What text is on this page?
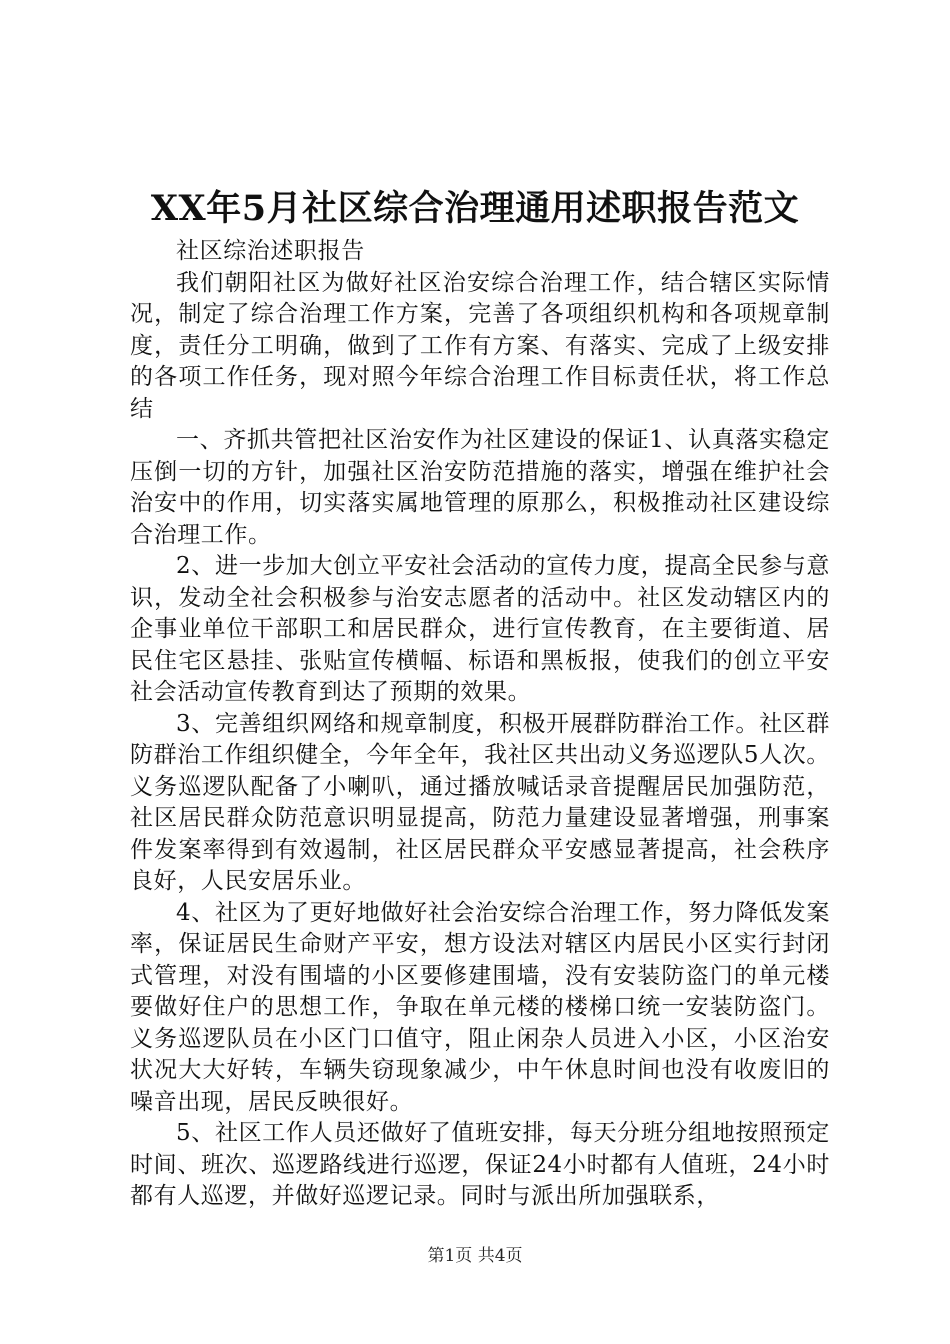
XX年5月社区综合治理通用述职报告范文

社区综治述职报告

我们朝阳社区为做好社区治安综合治理工作，结合辖区实际情况，制定了综合治理工作方案，完善了各项组织机构和各项规章制度，责任分工明确，做到了工作有方案、有落实、完成了上级安排的各项工作任务，现对照今年综合治理工作目标责任状，将工作总结

一、齐抓共管把社区治安作为社区建设的保证1、认真落实稳定压倒一切的方针，加强社区治安防范措施的落实，增强在维护社会治安中的作用，切实落实属地管理的原那么，积极推动社区建设综合治理工作。

2、进一步加大创立平安社会活动的宣传力度，提高全民参与意识，发动全社会积极参与治安志愿者的活动中。社区发动辖区内的企事业单位干部职工和居民群众，进行宣传教育，在主要街道、居民住宅区悬挂、张贴宣传横幅、标语和黑板报，使我们的创立平安社会活动宣传教育到达了预期的效果。

3、完善组织网络和规章制度，积极开展群防群治工作。社区群防群治工作组织健全，今年全年，我社区共出动义务巡逻队5人次。义务巡逻队配备了小喇叭，通过播放喊话录音提醒居民加强防范，社区居民群众防范意识明显提高，防范力量建设显著增强，刑事案件发案率得到有效遏制，社区居民群众平安感显著提高，社会秩序良好，人民安居乐业。

4、社区为了更好地做好社会治安综合治理工作，努力降低发案率，保证居民生命财产平安，想方设法对辖区内居民小区实行封闭式管理，对没有围墙的小区要修建围墙，没有安装防盗门的单元楼要做好住户的思想工作，争取在单元楼的楼梯口统一安装防盗门。义务巡逻队员在小区门口值守，阻止闲杂人员进入小区，小区治安状况大大好转，车辆失窃现象减少，中午休息时间也没有收废旧的噪音出现，居民反映很好。

5、社区工作人员还做好了值班安排，每天分班分组地按照预定时间、班次、巡逻路线进行巡逻，保证24小时都有人值班，24小时都有人巡逻，并做好巡逻记录。同时与派出所加强联系，

第1页 共4页
